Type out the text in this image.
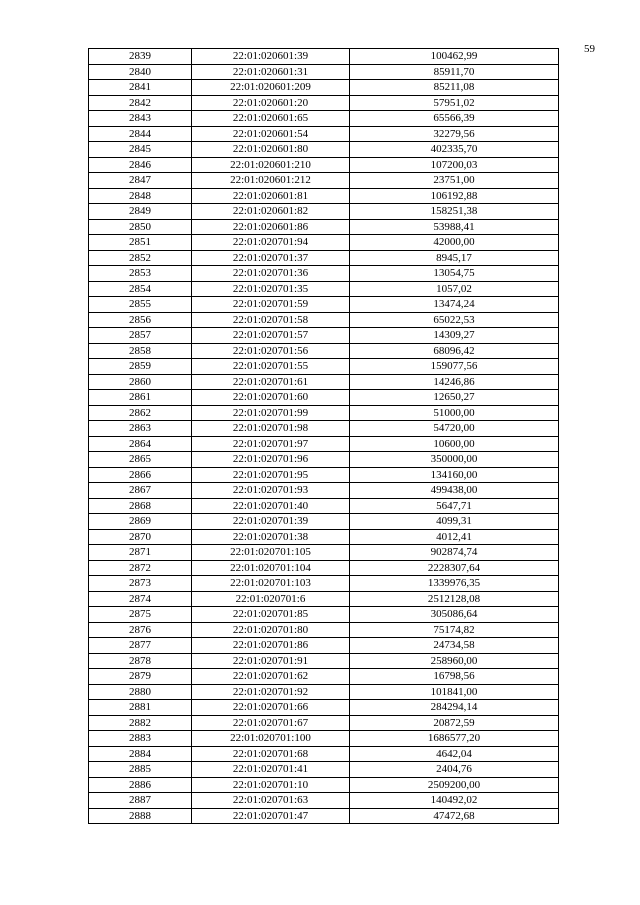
59
2839	22:01:020601:39	100462,99
2840	22:01:020601:31	85911,70
2841	22:01:020601:209	85211,08
2842	22:01:020601:20	57951,02
2843	22:01:020601:65	65566,39
2844	22:01:020601:54	32279,56
2845	22:01:020601:80	402335,70
2846	22:01:020601:210	107200,03
2847	22:01:020601:212	23751,00
2848	22:01:020601:81	106192,88
2849	22:01:020601:82	158251,38
2850	22:01:020601:86	53988,41
2851	22:01:020701:94	42000,00
2852	22:01:020701:37	8945,17
2853	22:01:020701:36	13054,75
2854	22:01:020701:35	1057,02
2855	22:01:020701:59	13474,24
2856	22:01:020701:58	65022,53
2857	22:01:020701:57	14309,27
2858	22:01:020701:56	68096,42
2859	22:01:020701:55	159077,56
2860	22:01:020701:61	14246,86
2861	22:01:020701:60	12650,27
2862	22:01:020701:99	51000,00
2863	22:01:020701:98	54720,00
2864	22:01:020701:97	10600,00
2865	22:01:020701:96	350000,00
2866	22:01:020701:95	134160,00
2867	22:01:020701:93	499438,00
2868	22:01:020701:40	5647,71
2869	22:01:020701:39	4099,31
2870	22:01:020701:38	4012,41
2871	22:01:020701:105	902874,74
2872	22:01:020701:104	2228307,64
2873	22:01:020701:103	1339976,35
2874	22:01:020701:6	2512128,08
2875	22:01:020701:85	305086,64
2876	22:01:020701:80	75174,82
2877	22:01:020701:86	24734,58
2878	22:01:020701:91	258960,00
2879	22:01:020701:62	16798,56
2880	22:01:020701:92	101841,00
2881	22:01:020701:66	284294,14
2882	22:01:020701:67	20872,59
2883	22:01:020701:100	1686577,20
2884	22:01:020701:68	4642,04
2885	22:01:020701:41	2404,76
2886	22:01:020701:10	2509200,00
2887	22:01:020701:63	140492,02
2888	22:01:020701:47	47472,68
